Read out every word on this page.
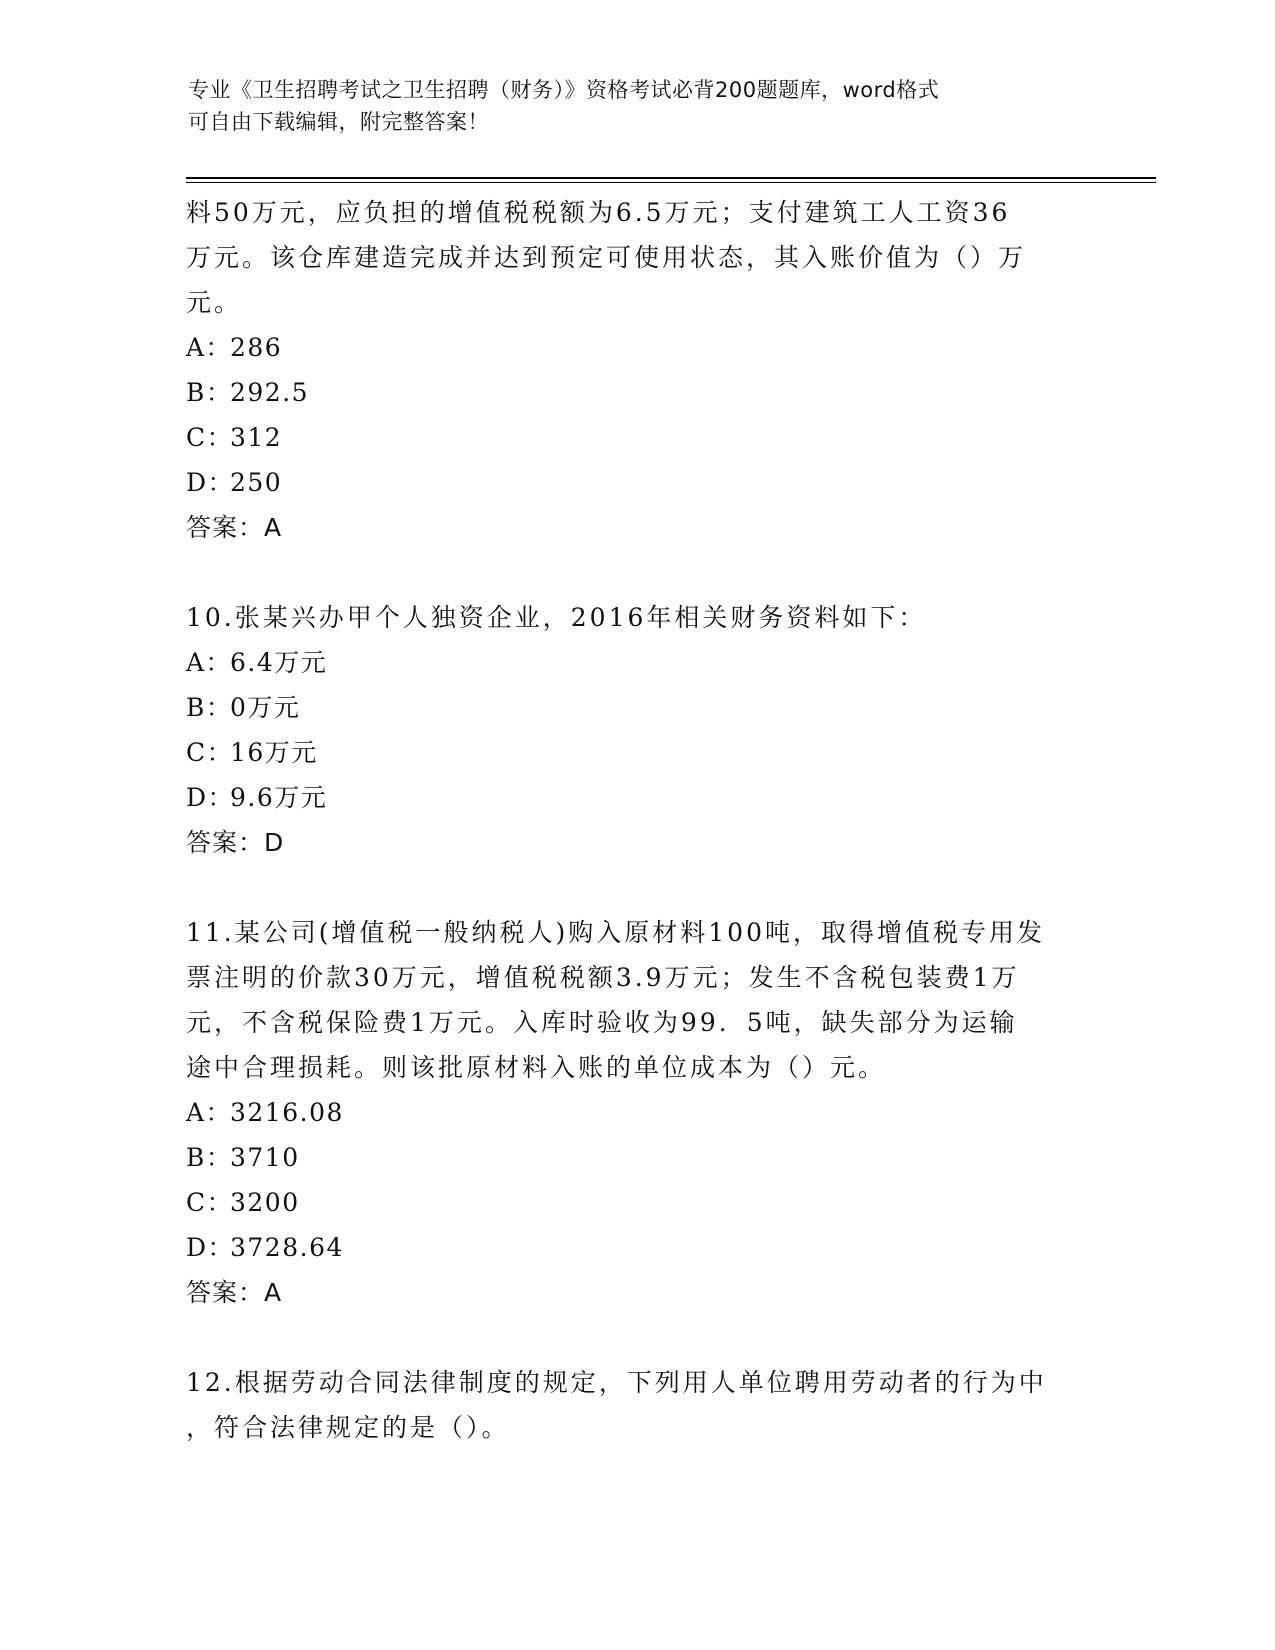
专业《卫生招聘考试之卫生招聘（财务）》资格考试必背200题题库，word格式
可自由下载编辑，附完整答案！

料50万元，应负担的增值税税额为6.5万元；支付建筑工人工资36

万元。该仓库建造完成并达到预定可使用状态，其入账价值为（）万

元。

A：286

B：292.5

C：312

D：250

答案：A

10.张某兴办甲个人独资企业，2016年相关财务资料如下：

A：6.4万元

B：0万元

C：16万元

D：9.6万元

答案：D

11.某公司(增值税一般纳税人)购入原材料100吨，取得增值税专用发

票注明的价款30万元，增值税税额3.9万元；发生不含税包装费1万

元，不含税保险费1万元。入库时验收为99．5吨，缺失部分为运输

途中合理损耗。则该批原材料入账的单位成本为（）元。

A：3216.08

B：3710

C：3200

D：3728.64

答案：A

12.根据劳动合同法律制度的规定，下列用人单位聘用劳动者的行为中

，符合法律规定的是（）。
